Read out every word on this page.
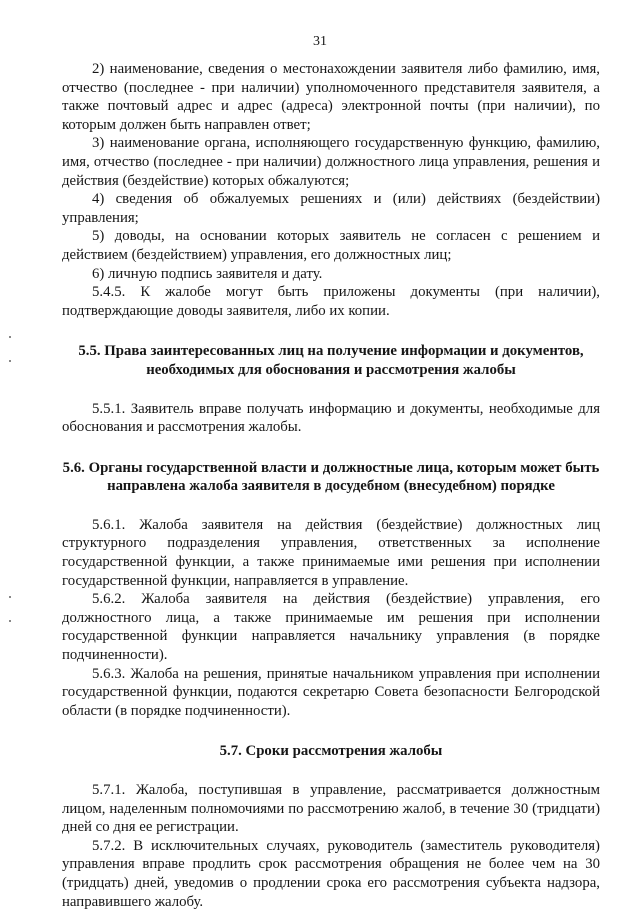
31

2) наименование, сведения о местонахождении заявителя либо фамилию, имя, отчество (последнее - при наличии) уполномоченного представителя заявителя, а также почтовый адрес и адрес (адреса) электронной почты (при наличии), по которым должен быть направлен ответ;

3) наименование органа, исполняющего государственную функцию, фамилию, имя, отчество (последнее - при наличии) должностного лица управления, решения и действия (бездействие) которых обжалуются;

4) сведения об обжалуемых решениях и (или) действиях (бездействии) управления;

5) доводы, на основании которых заявитель не согласен с решением и действием (бездействием) управления, его должностных лиц;

6) личную подпись заявителя и дату.

5.4.5. К жалобе могут быть приложены документы (при наличии), подтверждающие доводы заявителя, либо их копии.

5.5. Права заинтересованных лиц на получение информации и документов, необходимых для обоснования и рассмотрения жалобы

5.5.1. Заявитель вправе получать информацию и документы, необходимые для обоснования и рассмотрения жалобы.

5.6. Органы государственной власти и должностные лица, которым может быть направлена жалоба заявителя в досудебном (внесудебном) порядке

5.6.1. Жалоба заявителя на действия (бездействие) должностных лиц структурного подразделения управления, ответственных за исполнение государственной функции, а также принимаемые ими решения при исполнении государственной функции, направляется в управление.

5.6.2. Жалоба заявителя на действия (бездействие) управления, его должностного лица, а также принимаемые им решения при исполнении государственной функции направляется начальнику управления (в порядке подчиненности).

5.6.3. Жалоба на решения, принятые начальником управления при исполнении государственной функции, подаются секретарю Совета безопасности Белгородской области (в порядке подчиненности).

5.7. Сроки рассмотрения жалобы

5.7.1. Жалоба, поступившая в управление, рассматривается должностным лицом, наделенным полномочиями по рассмотрению жалоб, в течение 30 (тридцати) дней со дня ее регистрации.

5.7.2. В исключительных случаях, руководитель (заместитель руководителя) управления вправе продлить срок рассмотрения обращения не более чем на 30 (тридцать) дней, уведомив о продлении срока его рассмотрения субъекта надзора, направившего жалобу.
